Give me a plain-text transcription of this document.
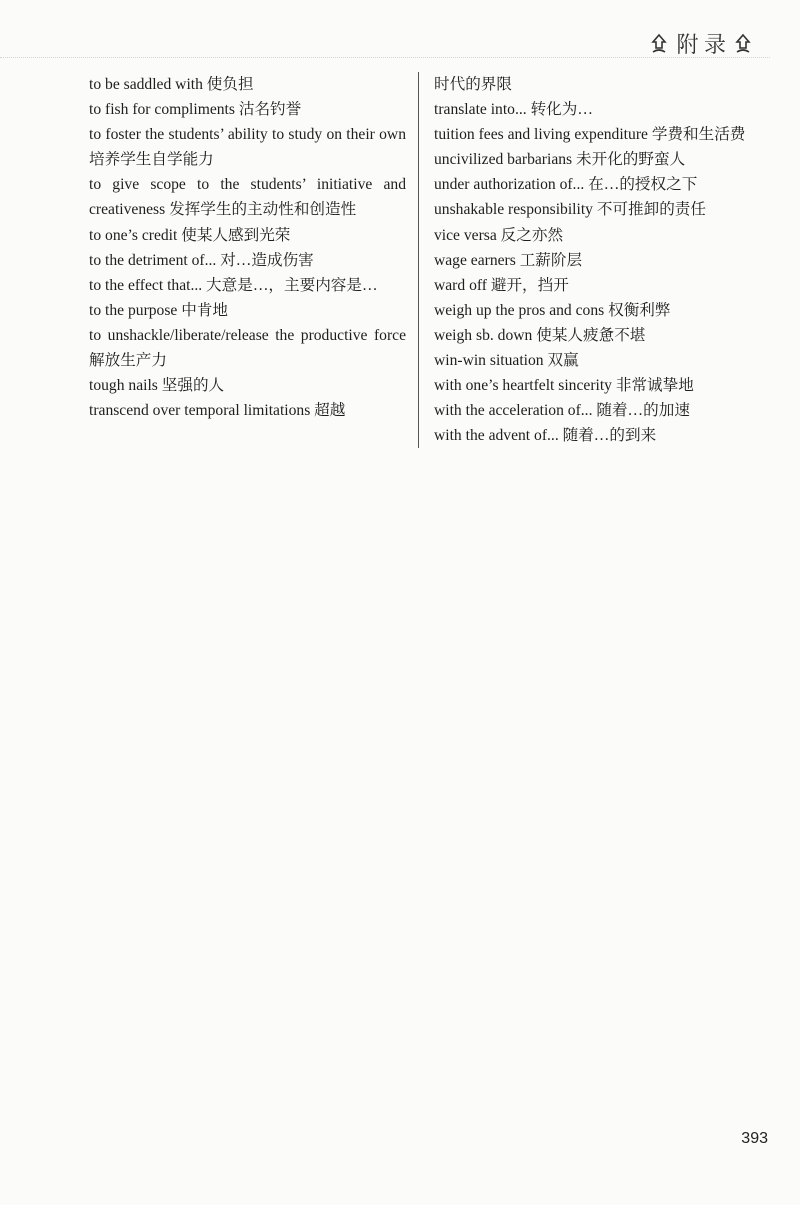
附 录

to be saddled with 使负担

to fish for compliments 沽名钓誉

to foster the students’ ability to study on their own 培养学生自学能力

to give scope to the students’ initiative and creativeness 发挥学生的主动性和创造性

to one’s credit 使某人感到光荣

to the detriment of... 对…造成伤害

to the effect that... 大意是…，主要内容是…

to the purpose 中肯地

to unshackle/liberate/release the productive force 解放生产力

tough nails 坚强的人

transcend over temporal limitations 超越

时代的界限

translate into... 转化为…

tuition fees and living expenditure 学费和生活费

uncivilized barbarians 未开化的野蛮人

under authorization of... 在…的授权之下

unshakable responsibility 不可推卸的责任

vice versa 反之亦然

wage earners 工薪阶层

ward off 避开，挡开

weigh up the pros and cons 权衡利弊

weigh sb. down 使某人疲惫不堪

win-win situation 双赢

with one’s heartfelt sincerity 非常诚挚地

with the acceleration of... 随着…的加速

with the advent of... 随着…的到来

393
